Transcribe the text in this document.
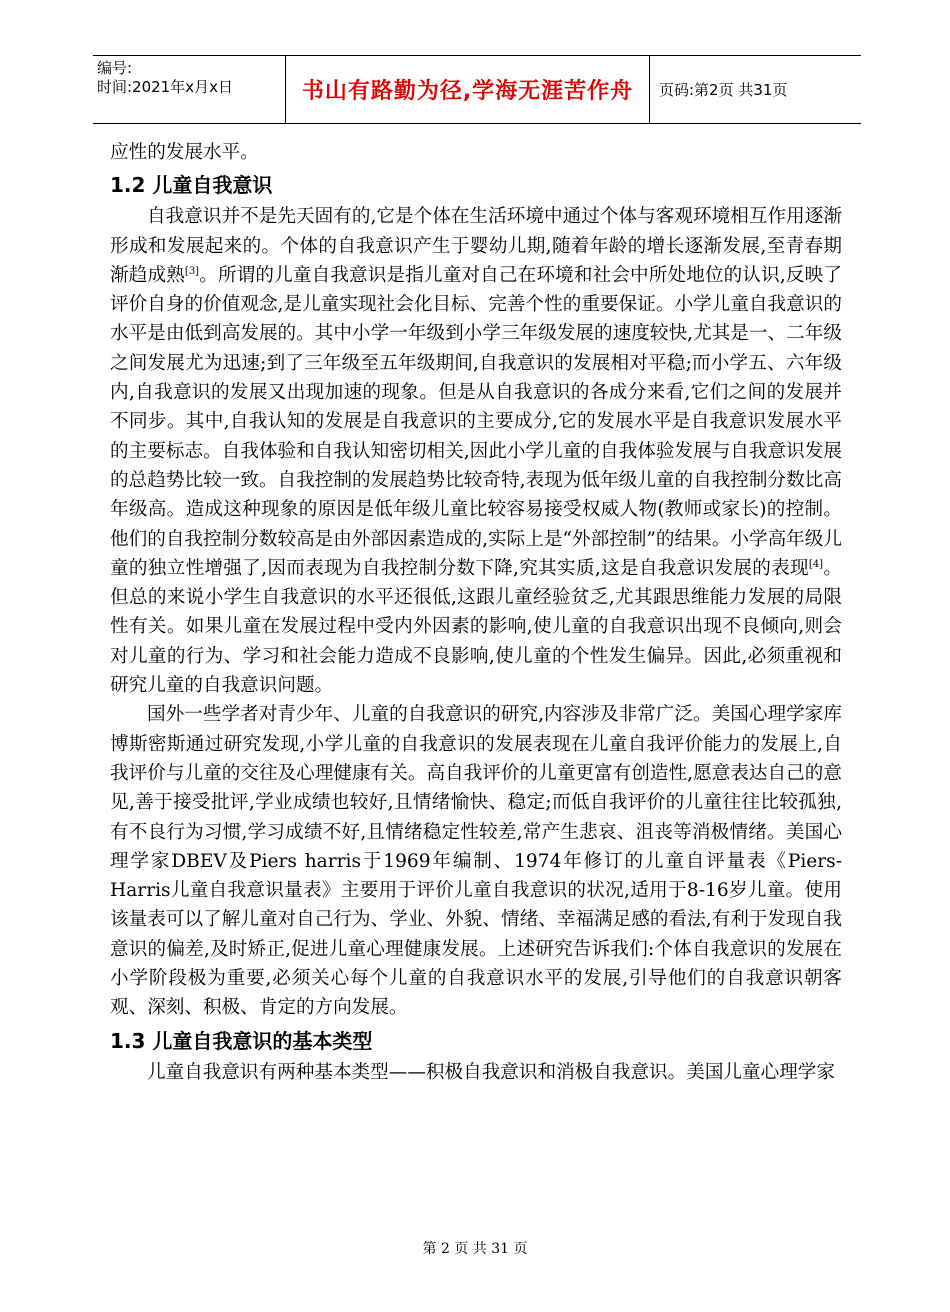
编号:
时间:2021年x月x日	书山有路勤为径,学海无涯苦作舟	页码:第2页 共31页

应性的发展水平。

1.2 儿童自我意识

自我意识并不是先天固有的,它是个体在生活环境中通过个体与客观环境相互作用逐渐形成和发展起来的。个体的自我意识产生于婴幼儿期,随着年龄的增长逐渐发展,至青春期渐趋成熟[3]。所谓的儿童自我意识是指儿童对自己在环境和社会中所处地位的认识,反映了评价自身的价值观念,是儿童实现社会化目标、完善个性的重要保证。小学儿童自我意识的水平是由低到高发展的。其中小学一年级到小学三年级发展的速度较快,尤其是一、二年级之间发展尤为迅速;到了三年级至五年级期间,自我意识的发展相对平稳;而小学五、六年级内,自我意识的发展又出现加速的现象。但是从自我意识的各成分来看,它们之间的发展并不同步。其中,自我认知的发展是自我意识的主要成分,它的发展水平是自我意识发展水平的主要标志。自我体验和自我认知密切相关,因此小学儿童的自我体验发展与自我意识发展的总趋势比较一致。自我控制的发展趋势比较奇特,表现为低年级儿童的自我控制分数比高年级高。造成这种现象的原因是低年级儿童比较容易接受权威人物(教师或家长)的控制。他们的自我控制分数较高是由外部因素造成的,实际上是“外部控制”的结果。小学高年级儿童的独立性增强了,因而表现为自我控制分数下降,究其实质,这是自我意识发展的表现[4]。但总的来说小学生自我意识的水平还很低,这跟儿童经验贫乏,尤其跟思维能力发展的局限性有关。如果儿童在发展过程中受内外因素的影响,使儿童的自我意识出现不良倾向,则会对儿童的行为、学习和社会能力造成不良影响,使儿童的个性发生偏异。因此,必须重视和研究儿童的自我意识问题。

国外一些学者对青少年、儿童的自我意识的研究,内容涉及非常广泛。美国心理学家库博斯密斯通过研究发现,小学儿童的自我意识的发展表现在儿童自我评价能力的发展上,自我评价与儿童的交往及心理健康有关。高自我评价的儿童更富有创造性,愿意表达自己的意见,善于接受批评,学业成绩也较好,且情绪愉快、稳定;而低自我评价的儿童往往比较孤独,有不良行为习惯,学习成绩不好,且情绪稳定性较差,常产生悲哀、沮丧等消极情绪。美国心理学家DBEV及Piers harris于1969年编制、1974年修订的儿童自评量表《Piers-Harris儿童自我意识量表》主要用于评价儿童自我意识的状况,适用于8-16岁儿童。使用该量表可以了解儿童对自己行为、学业、外貌、情绪、幸福满足感的看法,有利于发现自我意识的偏差,及时矫正,促进儿童心理健康发展。上述研究告诉我们:个体自我意识的发展在小学阶段极为重要,必须关心每个儿童的自我意识水平的发展,引导他们的自我意识朝客观、深刻、积极、肯定的方向发展。

1.3 儿童自我意识的基本类型

儿童自我意识有两种基本类型——积极自我意识和消极自我意识。美国儿童心理学家

第 2 页 共 31 页
